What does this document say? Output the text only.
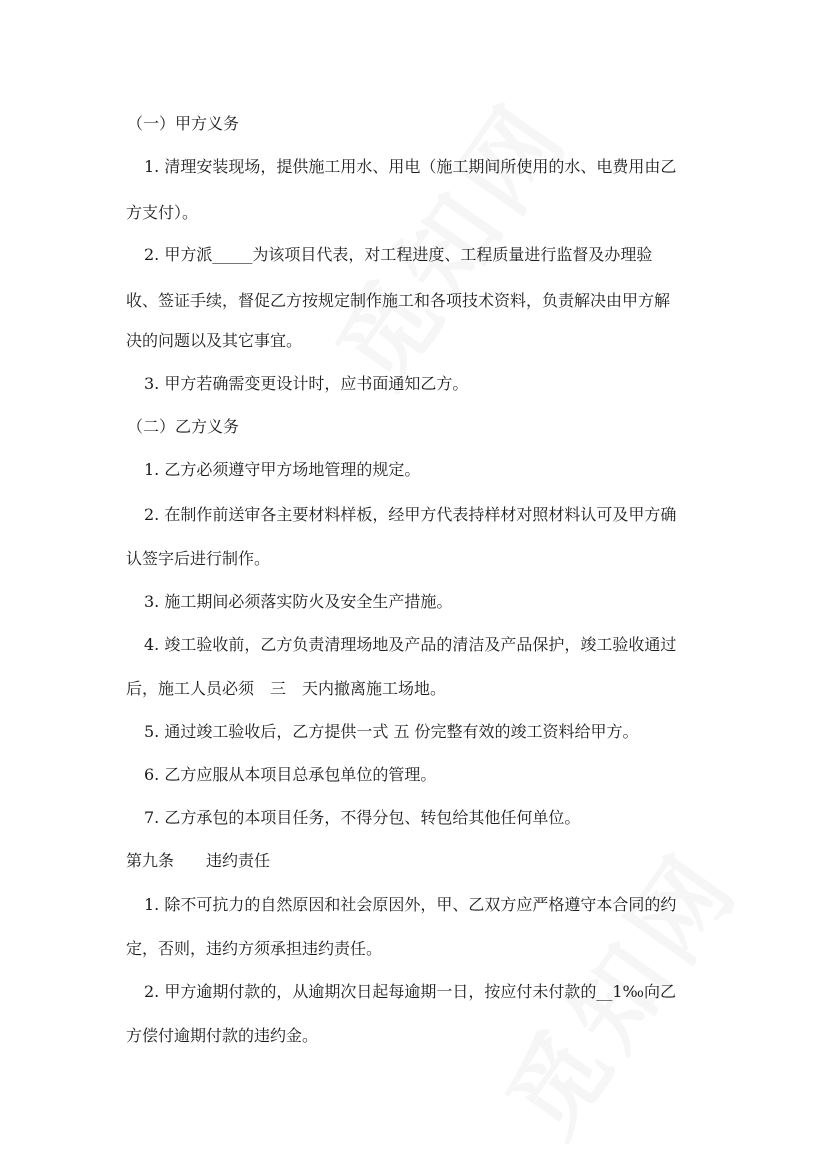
（一）甲方义务
1. 清理安装现场，提供施工用水、用电（施工期间所使用的水、电费用由乙
方支付）。
2. 甲方派_____为该项目代表，对工程进度、工程质量进行监督及办理验
收、签证手续，督促乙方按规定制作施工和各项技术资料，负责解决由甲方解
决的问题以及其它事宜。
3. 甲方若确需变更设计时，应书面通知乙方。
（二）乙方义务
1. 乙方必须遵守甲方场地管理的规定。
2. 在制作前送审各主要材料样板，经甲方代表持样材对照材料认可及甲方确
认签字后进行制作。
3. 施工期间必须落实防火及安全生产措施。
4. 竣工验收前，乙方负责清理场地及产品的清洁及产品保护，竣工验收通过
后，施工人员必须　三　天内撤离施工场地。
5. 通过竣工验收后，乙方提供一式 五 份完整有效的竣工资料给甲方。
6. 乙方应服从本项目总承包单位的管理。
7. 乙方承包的本项目任务，不得分包、转包给其他任何单位。
第九条　　违约责任
1. 除不可抗力的自然原因和社会原因外，甲、乙双方应严格遵守本合同的约
定，否则，违约方须承担违约责任。
2. 甲方逾期付款的，从逾期次日起每逾期一日，按应付未付款的__1‰向乙
方偿付逾期付款的违约金。
